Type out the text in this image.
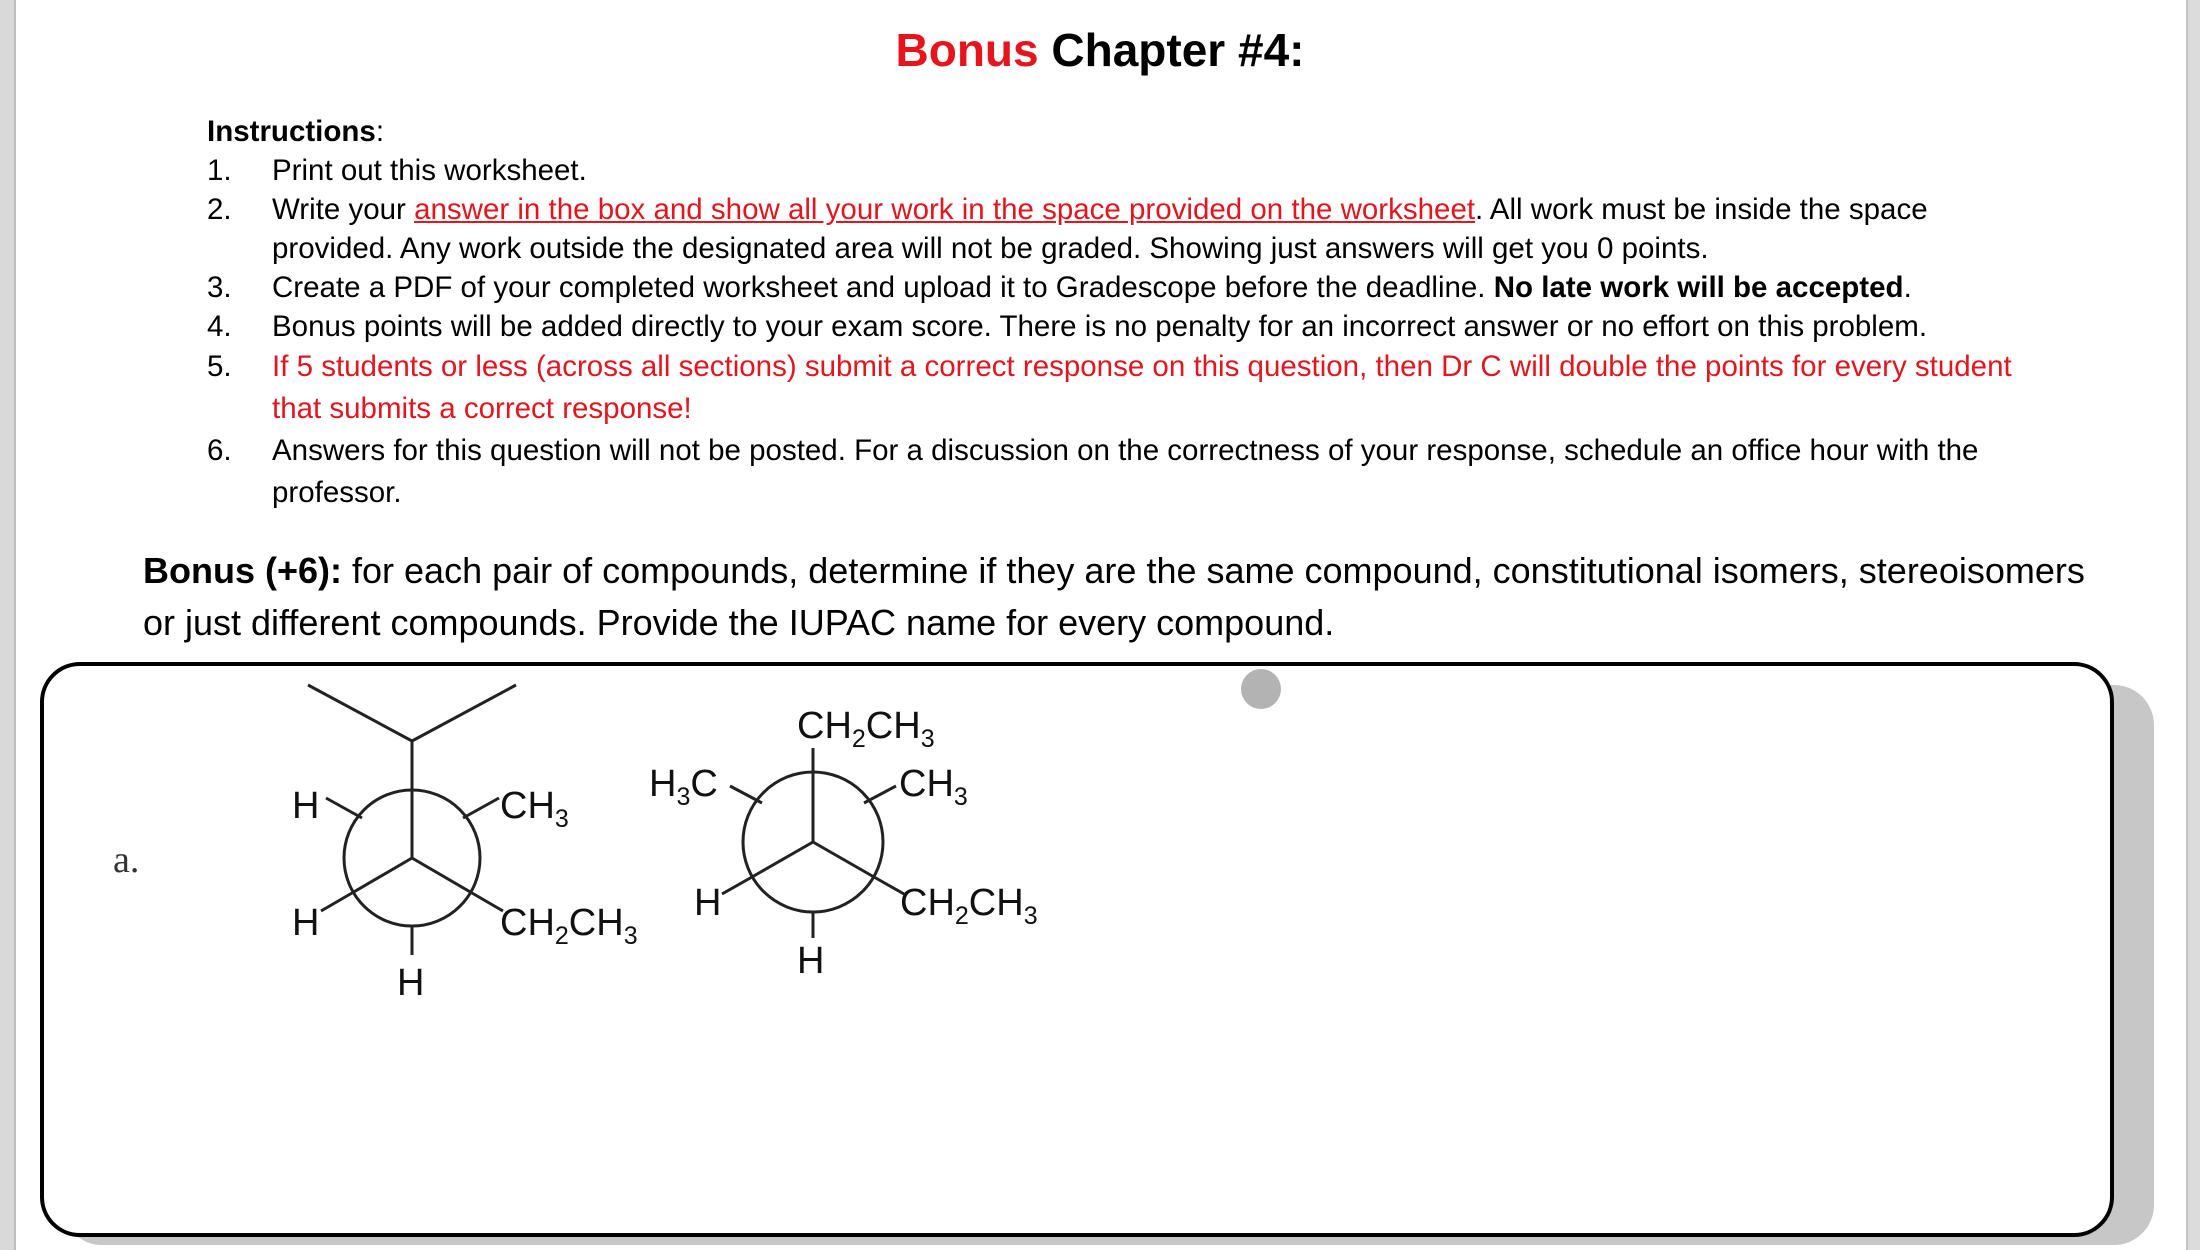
Bonus Chapter #4:
Instructions:
1. Print out this worksheet.
2. Write your answer in the box and show all your work in the space provided on the worksheet. All work must be inside the space provided. Any work outside the designated area will not be graded. Showing just answers will get you 0 points.
3. Create a PDF of your completed worksheet and upload it to Gradescope before the deadline. No late work will be accepted.
4. Bonus points will be added directly to your exam score. There is no penalty for an incorrect answer or no effort on this problem.
5. If 5 students or less (across all sections) submit a correct response on this question, then Dr C will double the points for every student that submits a correct response!
6. Answers for this question will not be posted. For a discussion on the correctness of your response, schedule an office hour with the professor.
Bonus (+6): for each pair of compounds, determine if they are the same compound, constitutional isomers, stereoisomers or just different compounds. Provide the IUPAC name for every compound.
a.
H
H
H
$CH_3$
$CH_2CH_3$
$CH_2CH_3$
$H_3C$	$CH_3$
H
H
$CH_2CH_3$
